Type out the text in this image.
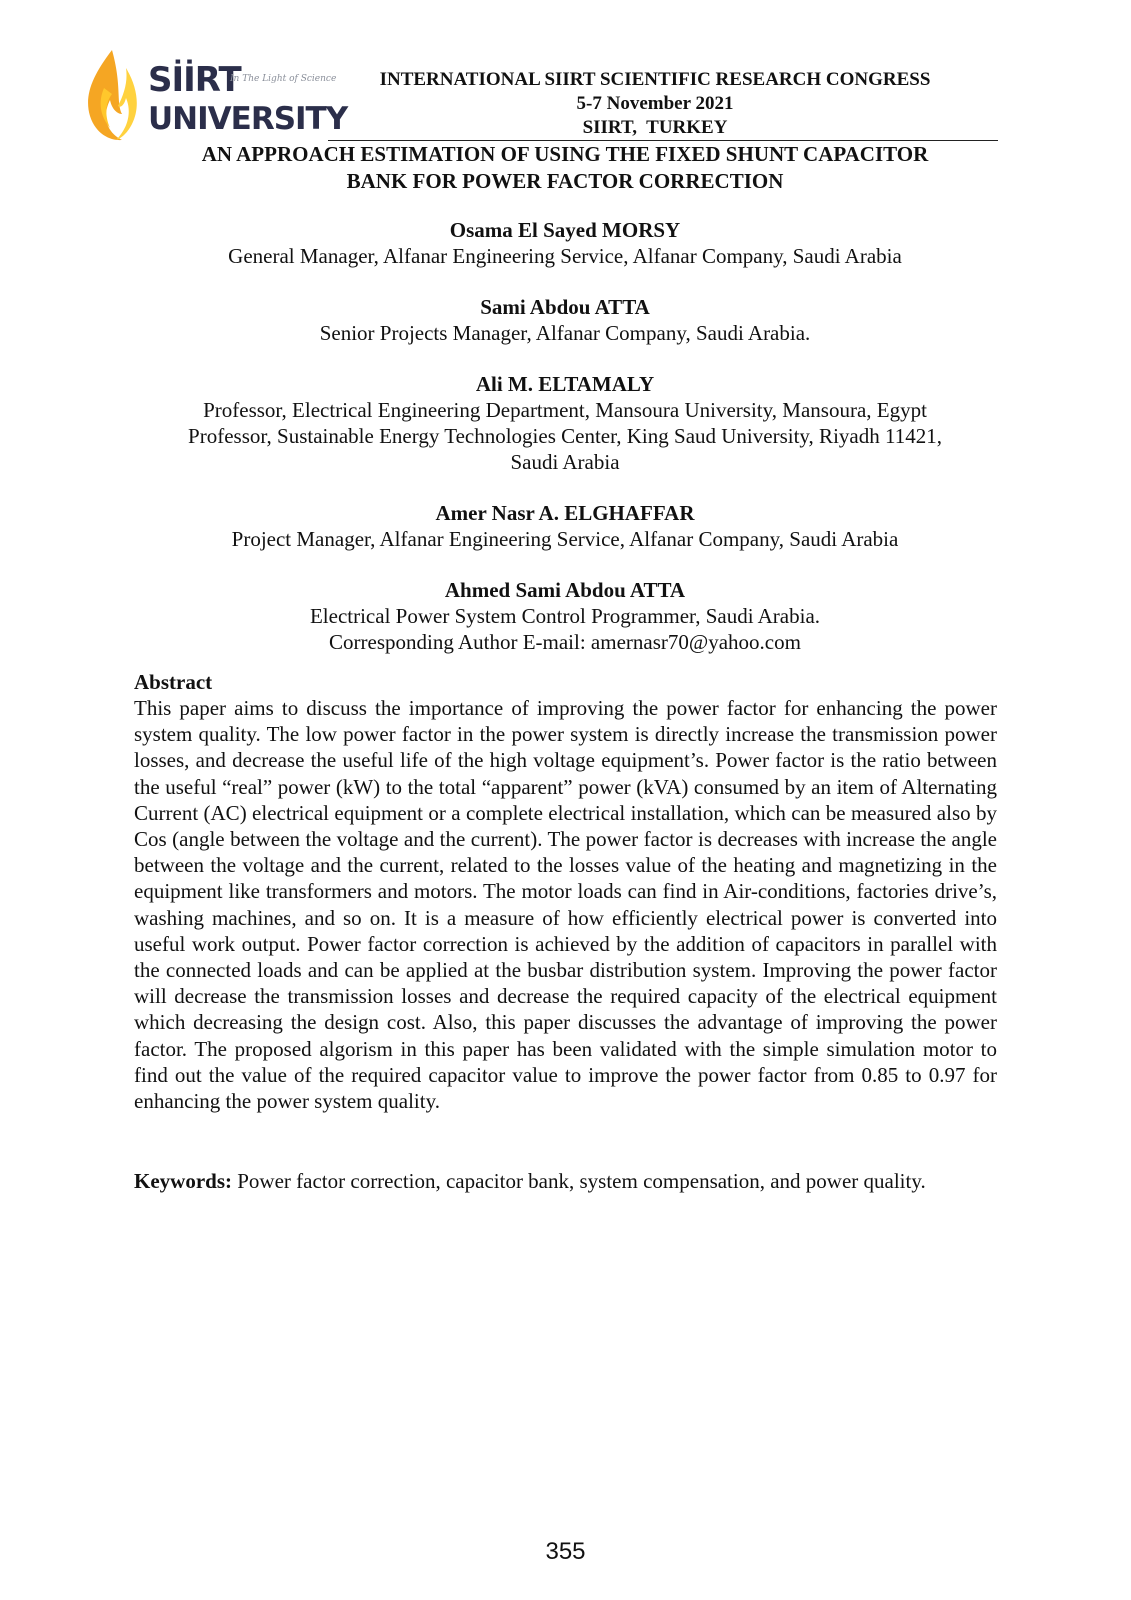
SİİRT
In The Light of Science
UNIVERSITY
INTERNATIONAL SIIRT SCIENTIFIC RESEARCH CONGRESS
5-7 November 2021
SIIRT,  TURKEY
AN APPROACH ESTIMATION OF USING THE FIXED SHUNT CAPACITOR
BANK FOR POWER FACTOR CORRECTION
Osama El Sayed MORSY
General Manager, Alfanar Engineering Service, Alfanar Company, Saudi Arabia
Sami Abdou ATTA
Senior Projects Manager, Alfanar Company, Saudi Arabia.
Ali M. ELTAMALY
Professor, Electrical Engineering Department, Mansoura University, Mansoura, Egypt
Professor, Sustainable Energy Technologies Center, King Saud University, Riyadh 11421,
Saudi Arabia
Amer Nasr A. ELGHAFFAR
Project Manager, Alfanar Engineering Service, Alfanar Company, Saudi Arabia
Ahmed Sami Abdou ATTA
Electrical Power System Control Programmer, Saudi Arabia.
Corresponding Author E-mail: amernasr70@yahoo.com
Abstract

This paper aims to discuss the importance of improving the power factor for enhancing the power system quality. The low power factor in the power system is directly increase the transmission power losses, and decrease the useful life of the high voltage equipment’s. Power factor is the ratio between the useful “real” power (kW) to the total “apparent” power (kVA) consumed by an item of Alternating Current (AC) electrical equipment or a complete electrical installation, which can be measured also by Cos (angle between the voltage and the current). The power factor is decreases with increase the angle between the voltage and the current, related to the losses value of the heating and magnetizing in the equipment like transformers and motors. The motor loads can find in Air-conditions, factories drive’s, washing machines, and so on. It is a measure of how efficiently electrical power is converted into useful work output. Power factor correction is achieved by the addition of capacitors in parallel with the connected loads and can be applied at the busbar distribution system. Improving the power factor will decrease the transmission losses and decrease the required capacity of the electrical equipment which decreasing the design cost. Also, this paper discusses the advantage of improving the power factor. The proposed algorism in this paper has been validated with the simple simulation motor to find out the value of the required capacitor value to improve the power factor from 0.85 to 0.97 for enhancing the power system quality.

Keywords: Power factor correction, capacitor bank, system compensation, and power quality.
355
